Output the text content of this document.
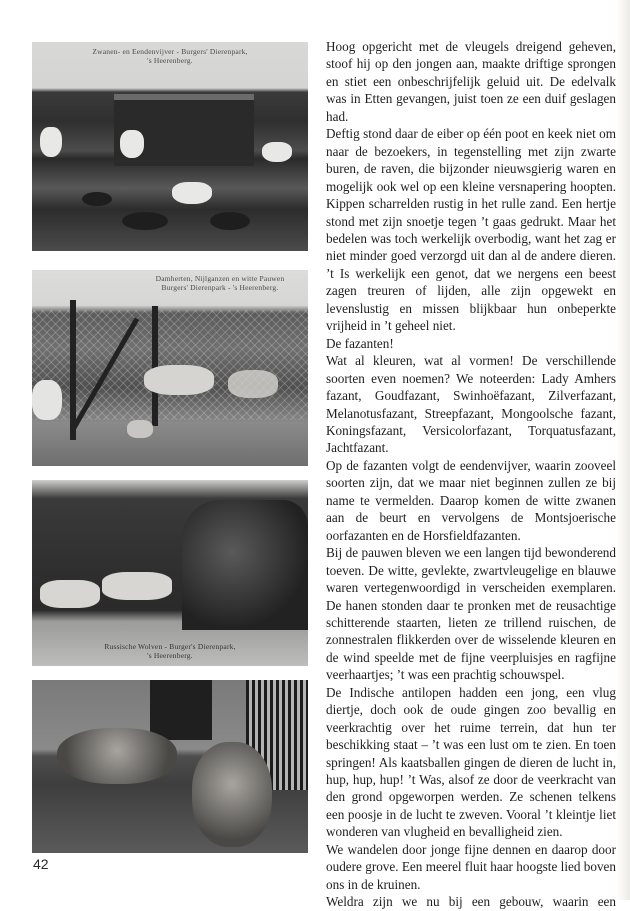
Zwanen- en Eendenvijver - Burgers' Dierenpark,
's Heerenberg.
Damherten, Nijlganzen en witte Pauwen
Burgers' Dierenpark - 's Heerenberg.
Russische Wolven - Burger's Dierenpark,
's Heerenberg.

Hoog opgericht met de vleugels dreigend geheven, stoof hij op den jongen aan, maakte driftige sprongen en stiet een onbeschrijfelijk geluid uit. De edelvalk was in Etten gevangen, juist toen ze een duif geslagen had.

Deftig stond daar de eiber op één poot en keek niet om naar de bezoekers, in tegenstelling met zijn zwarte buren, de raven, die bijzonder nieuwsgierig waren en mogelijk ook wel op een kleine versnapering hoopten. Kippen scharrelden rustig in het rulle zand. Een hertje stond met zijn snoetje tegen ’t gaas gedrukt. Maar het bedelen was toch werkelijk overbodig, want het zag er niet minder goed verzorgd uit dan al de andere dieren. ’t Is werkelijk een genot, dat we nergens een beest zagen treuren of lijden, alle zijn opgewekt en levenslustig en missen blijkbaar hun onbeperkte vrijheid in ’t geheel niet.

De fazanten!

Wat al kleuren, wat al vormen! De verschillende soorten even noemen? We noteerden: Lady Amhers fazant, Goudfazant, Swinhoëfazant, Zilverfazant, Melanotusfazant, Streepfazant, Mongoolsche fazant, Koningsfazant, Versicolorfazant, Torquatusfazant, Jachtfazant.

Op de fazanten volgt de eendenvijver, waarin zooveel soorten zijn, dat we maar niet beginnen zullen ze bij name te vermelden. Daarop komen de witte zwanen aan de beurt en vervolgens de Montsjoerische oorfazanten en de Horsfieldfazanten.

Bij de pauwen bleven we een langen tijd bewonderend toeven. De witte, gevlekte, zwartvleugelige en blauwe waren vertegenwoordigd in verscheiden exemplaren. De hanen stonden daar te pronken met de reusachtige schitterende staarten, lieten ze trillend ruischen, de zonnestralen flikkerden over de wisselende kleuren en de wind speelde met de fijne veerpluisjes en ragfijne veerhaartjes; ’t was een prachtig schouwspel.

De Indische antilopen hadden een jong, een vlug diertje, doch ook de oude gingen zoo bevallig en veerkrachtig over het ruime terrein, dat hun ter beschikking staat – ’t was een lust om te zien. En toen springen! Als kaatsballen gingen de dieren de lucht in, hup, hup, hup! ’t Was, alsof ze door de veerkracht van den grond opgeworpen werden. Ze schenen telkens een poosje in de lucht te zweven. Vooral ’t kleintje liet wonderen van vlugheid en bevalligheid zien.

We wandelen door jonge fijne dennen en daarop door oudere grove. Een meerel fluit haar hoogste lied boven ons in de kruinen.

Weldra zijn we nu bij een gebouw, waarin een

42
